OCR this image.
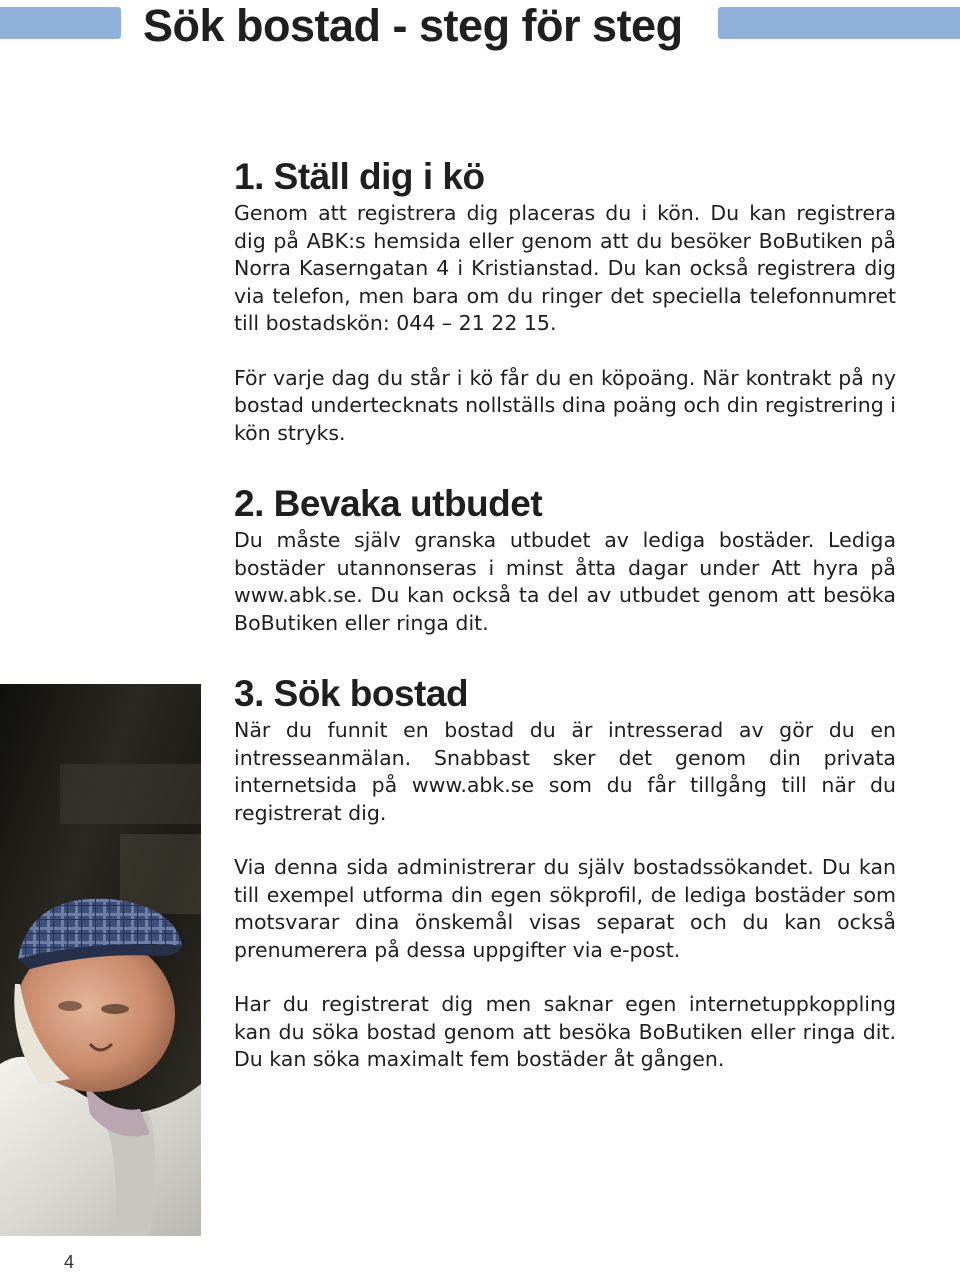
Sök bostad - steg för steg
1. Ställ dig i kö

Genom att registrera dig placeras du i kön. Du kan registrera dig på ABK:s hemsida eller genom att du besöker BoButiken på Norra Kaserngatan 4 i Kristianstad. Du kan också registrera dig via telefon, men bara om du ringer det speciella telefonnumret till bostadskön: 044 – 21 22 15.

För varje dag du står i kö får du en köpoäng. När kontrakt på ny bostad undertecknats nollställs dina poäng och din registrering i kön stryks.

2. Bevaka utbudet

Du måste själv granska utbudet av lediga bostäder. Lediga bostäder utannonseras i minst åtta dagar under Att hyra på www.abk.se. Du kan också ta del av utbudet genom att besöka BoButiken eller ringa dit.

3. Sök bostad

När du funnit en bostad du är intresserad av gör du en intresseanmälan. Snabbast sker det genom din privata internetsida på www.abk.se som du får tillgång till när du registrerat dig.

Via denna sida administrerar du själv bostadssökandet. Du kan till exempel utforma din egen sökprofil, de lediga bostäder som motsvarar dina önskemål visas separat och du kan också prenumerera på dessa uppgifter via e-post.

Har du registrerat dig men saknar egen internetuppkoppling kan du söka bostad genom att besöka BoButiken eller ringa dit. Du kan söka maximalt fem bostäder åt gången.

4
